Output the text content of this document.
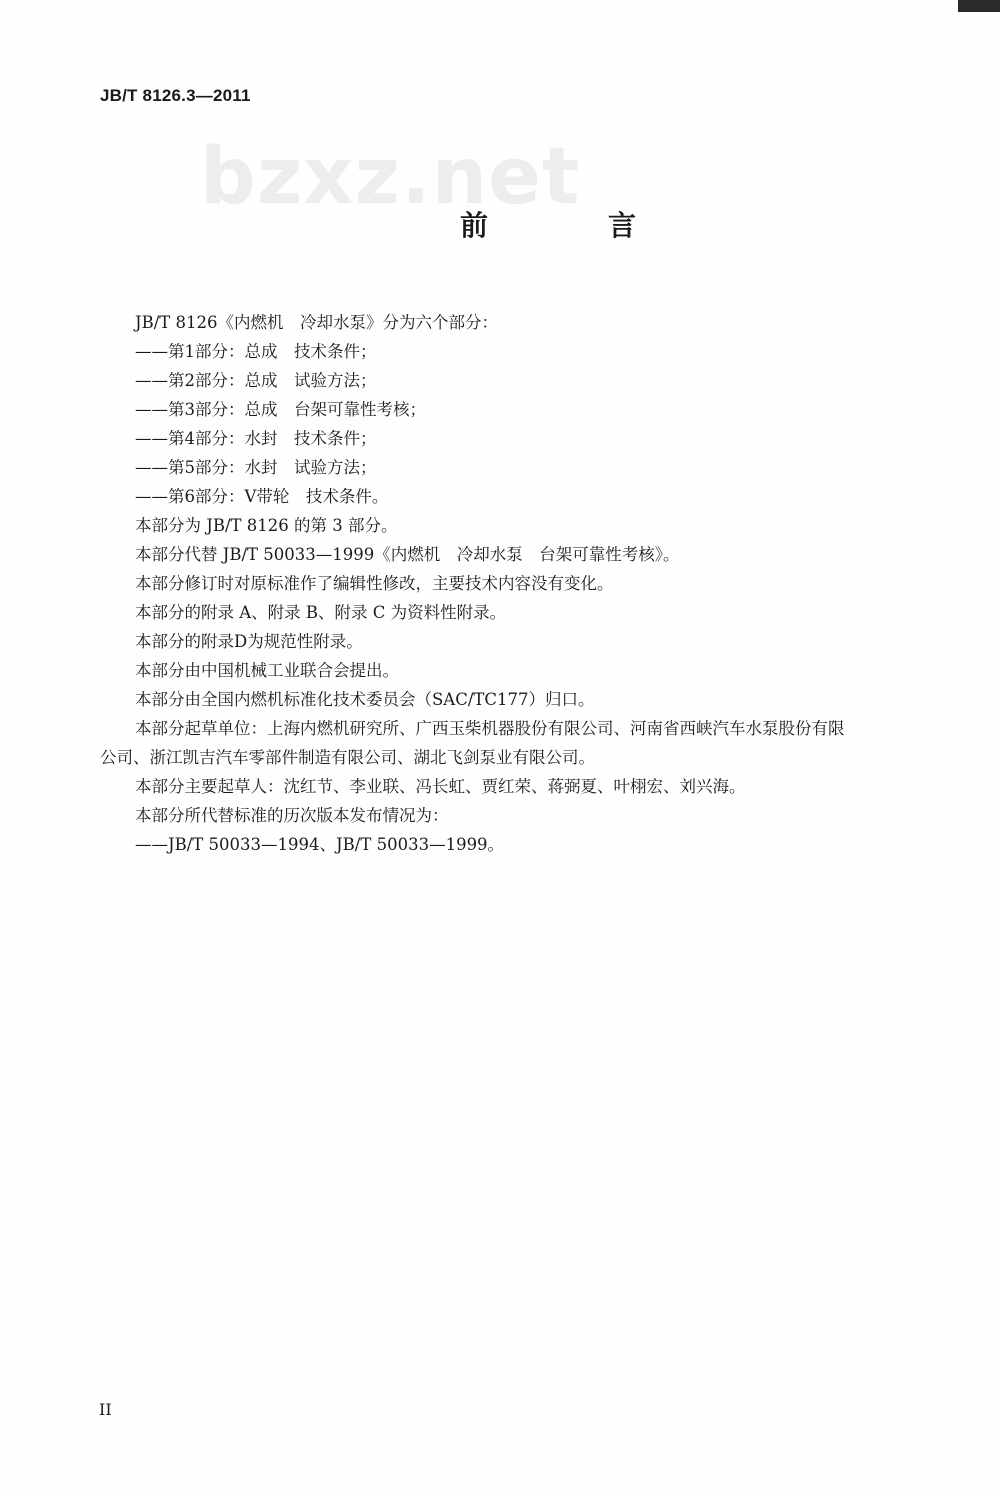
JB/T 8126.3—2011
bzxz.net
前　言
JB/T 8126《内燃机　冷却水泵》分为六个部分：
——第1部分：总成　技术条件；
——第2部分：总成　试验方法；
——第3部分：总成　台架可靠性考核；
——第4部分：水封　技术条件；
——第5部分：水封　试验方法；
——第6部分：V带轮　技术条件。
本部分为 JB/T 8126 的第 3 部分。
本部分代替 JB/T 50033—1999《内燃机　冷却水泵　台架可靠性考核》。
本部分修订时对原标准作了编辑性修改，主要技术内容没有变化。
本部分的附录 A、附录 B、附录 C 为资料性附录。
本部分的附录D为规范性附录。
本部分由中国机械工业联合会提出。
本部分由全国内燃机标准化技术委员会（SAC/TC177）归口。
本部分起草单位：上海内燃机研究所、广西玉柴机器股份有限公司、河南省西峡汽车水泵股份有限
公司、浙江凯吉汽车零部件制造有限公司、湖北飞剑泵业有限公司。
本部分主要起草人：沈红节、李业联、冯长虹、贾红荣、蒋弼夏、叶栩宏、刘兴海。
本部分所代替标准的历次版本发布情况为：
——JB/T 50033—1994、JB/T 50033—1999。
II
